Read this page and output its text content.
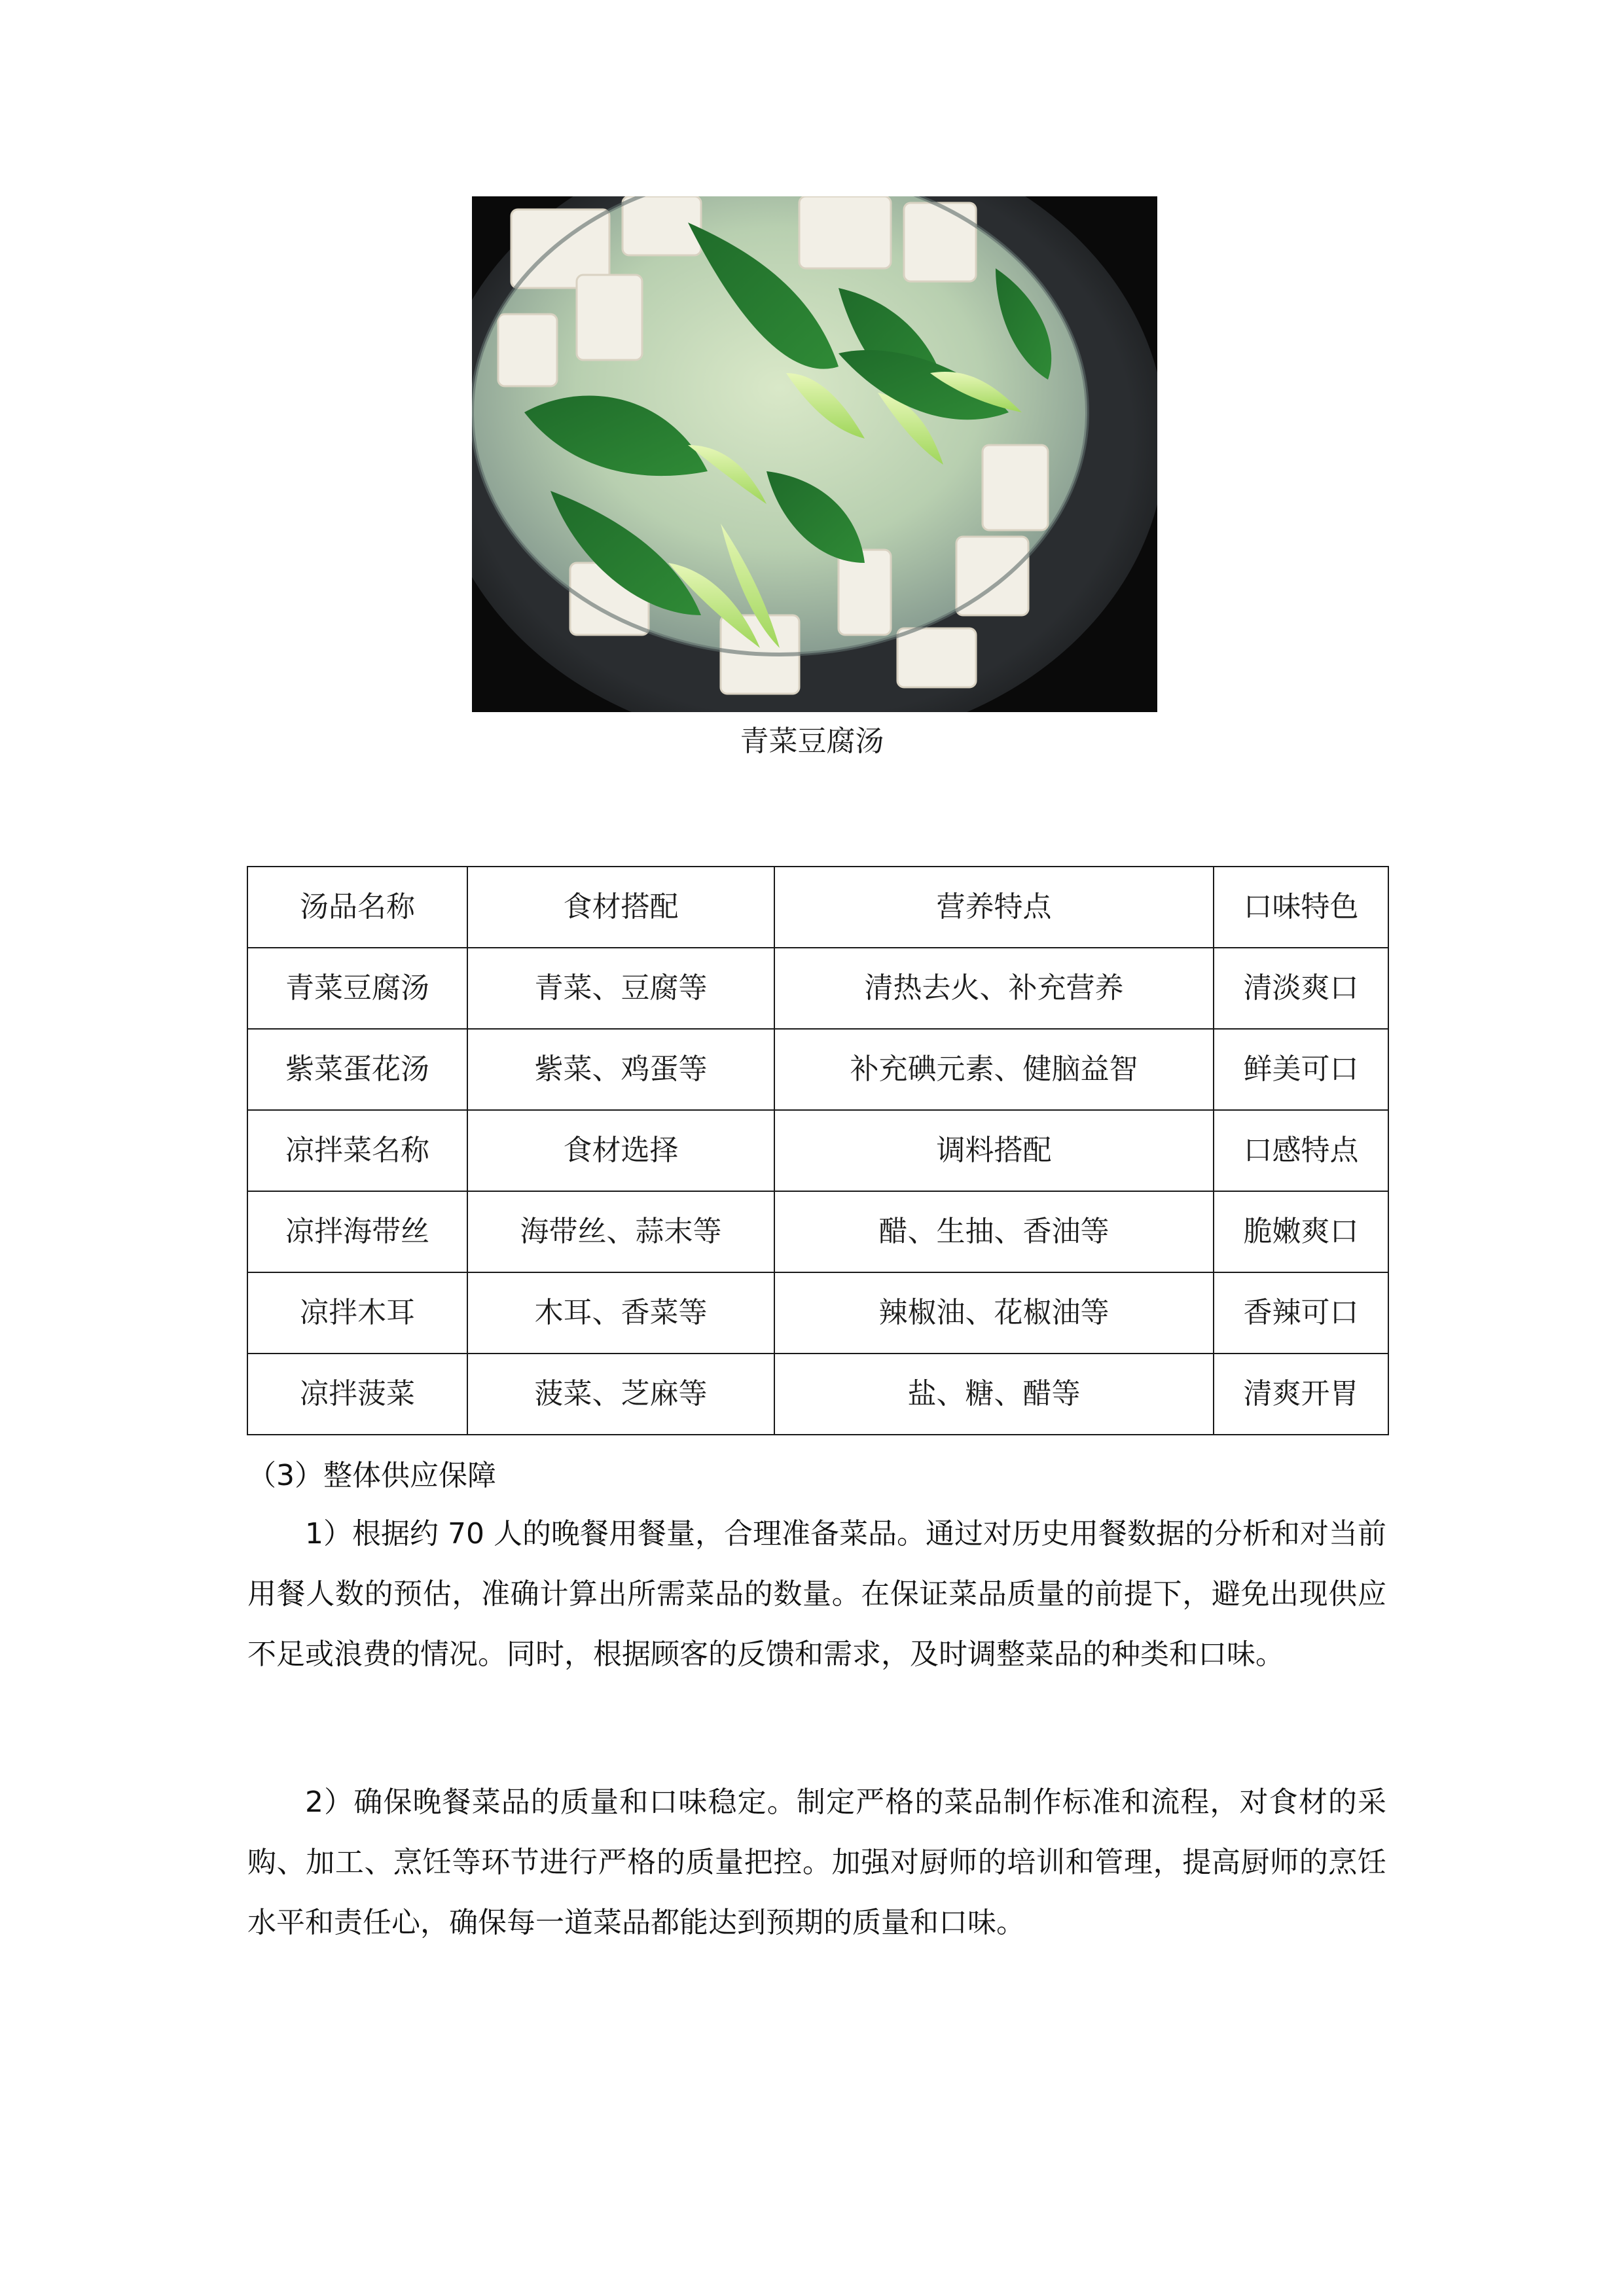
青菜豆腐汤
汤品名称	食材搭配	营养特点	口味特色
青菜豆腐汤	青菜、豆腐等	清热去火、补充营养	清淡爽口
紫菜蛋花汤	紫菜、鸡蛋等	补充碘元素、健脑益智	鲜美可口
凉拌菜名称	食材选择	调料搭配	口感特点
凉拌海带丝	海带丝、蒜末等	醋、生抽、香油等	脆嫩爽口
凉拌木耳	木耳、香菜等	辣椒油、花椒油等	香辣可口
凉拌菠菜	菠菜、芝麻等	盐、糖、醋等	清爽开胃
（3）整体供应保障

1）根据约 70 人的晚餐用餐量，合理准备菜品。通过对历史用餐数据的分析和对当前用餐人数的预估，准确计算出所需菜品的数量。在保证菜品质量的前提下，避免出现供应不足或浪费的情况。同时，根据顾客的反馈和需求，及时调整菜品的种类和口味。

2）确保晚餐菜品的质量和口味稳定。制定严格的菜品制作标准和流程，对食材的采购、加工、烹饪等环节进行严格的质量把控。加强对厨师的培训和管理，提高厨师的烹饪水平和责任心，确保每一道菜品都能达到预期的质量和口味。
